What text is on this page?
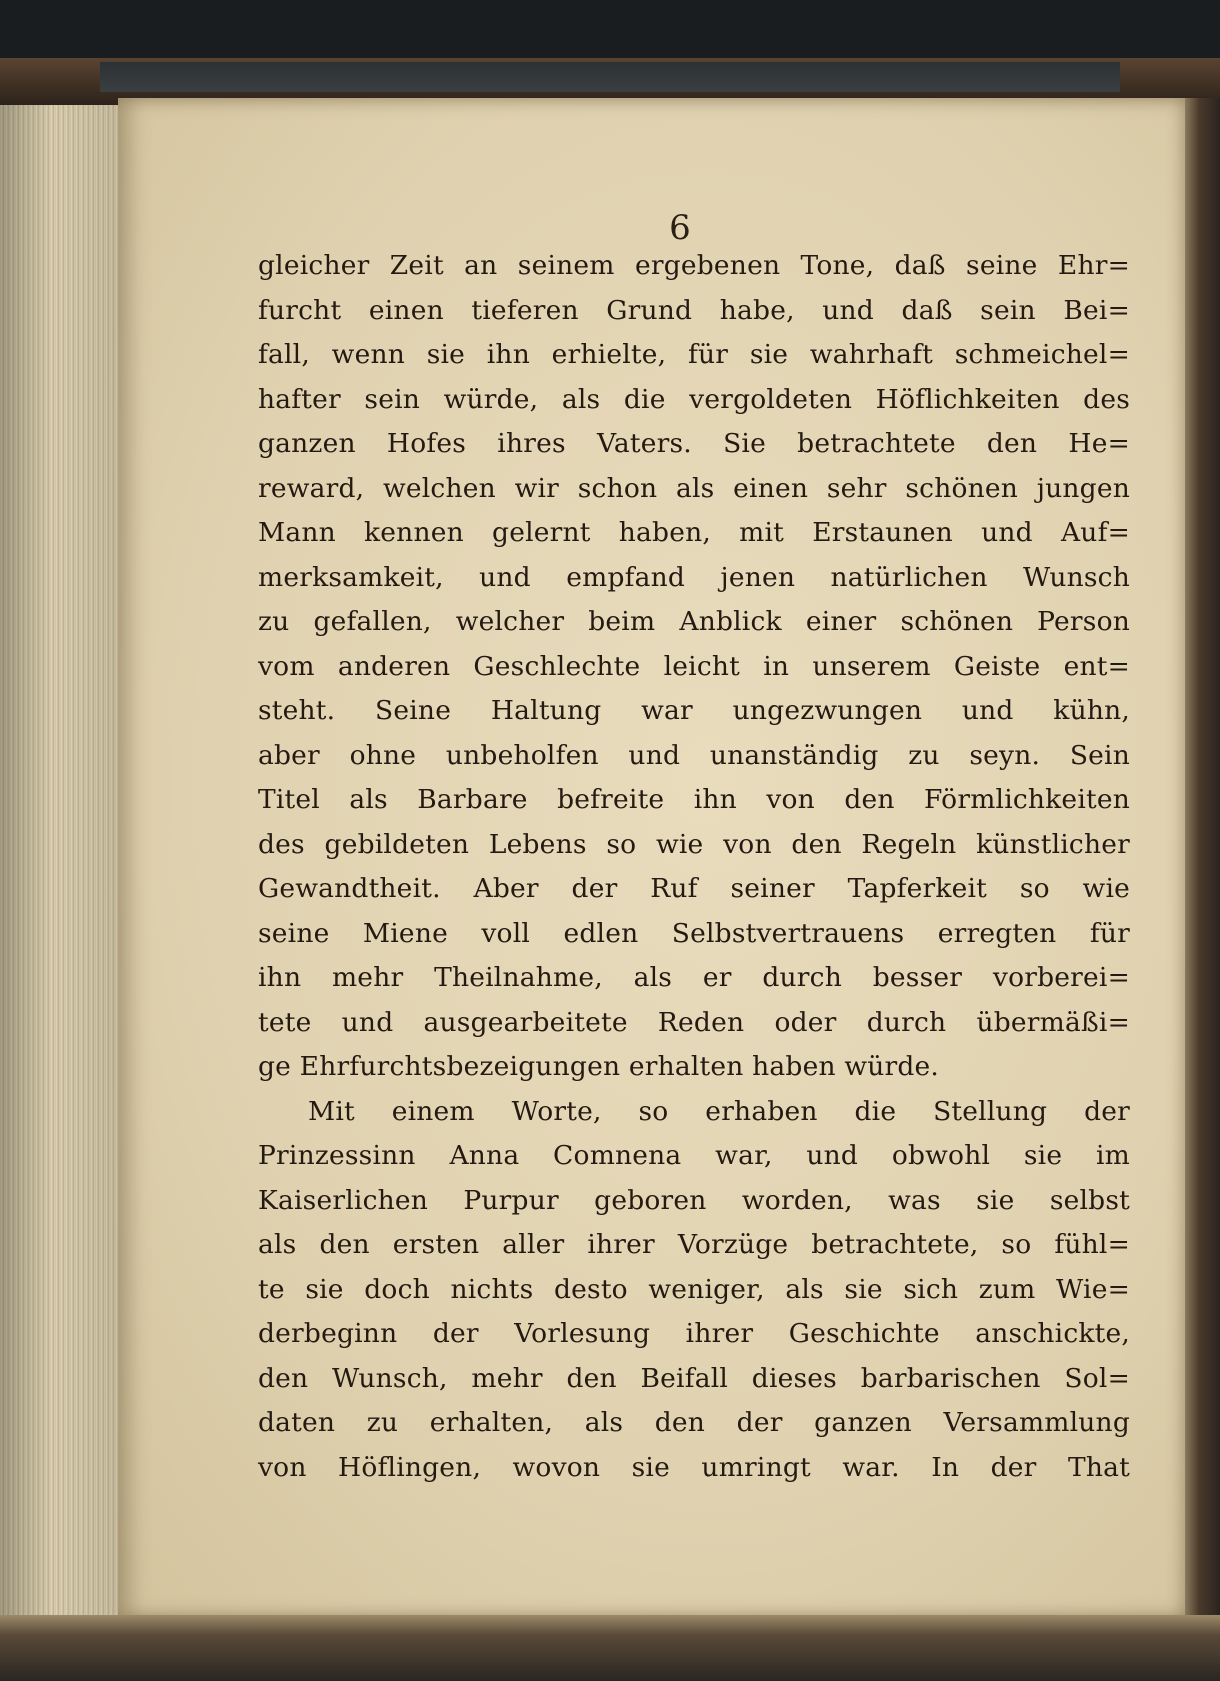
6
gleicher Zeit an seinem ergebenen Tone, daß seine Ehr=
furcht einen tieferen Grund habe, und daß sein Bei=
fall, wenn sie ihn erhielte, für sie wahrhaft schmeichel=
hafter sein würde, als die vergoldeten Höflichkeiten des
ganzen Hofes ihres Vaters. Sie betrachtete den He=
reward, welchen wir schon als einen sehr schönen jungen
Mann kennen gelernt haben, mit Erstaunen und Auf=
merksamkeit, und empfand jenen natürlichen Wunsch
zu gefallen, welcher beim Anblick einer schönen Person
vom anderen Geschlechte leicht in unserem Geiste ent=
steht. Seine Haltung war ungezwungen und kühn,
aber ohne unbeholfen und unanständig zu seyn. Sein
Titel als Barbare befreite ihn von den Förmlichkeiten
des gebildeten Lebens so wie von den Regeln künstlicher
Gewandtheit. Aber der Ruf seiner Tapferkeit so wie
seine Miene voll edlen Selbstvertrauens erregten für
ihn mehr Theilnahme, als er durch besser vorberei=
tete und ausgearbeitete Reden oder durch übermäßi=
ge Ehrfurchtsbezeigungen erhalten haben würde.
Mit einem Worte, so erhaben die Stellung der
Prinzessinn Anna Comnena war, und obwohl sie im
Kaiserlichen Purpur geboren worden, was sie selbst
als den ersten aller ihrer Vorzüge betrachtete, so fühl=
te sie doch nichts desto weniger, als sie sich zum Wie=
derbeginn der Vorlesung ihrer Geschichte anschickte,
den Wunsch, mehr den Beifall dieses barbarischen Sol=
daten zu erhalten, als den der ganzen Versammlung
von Höflingen, wovon sie umringt war. In der That
